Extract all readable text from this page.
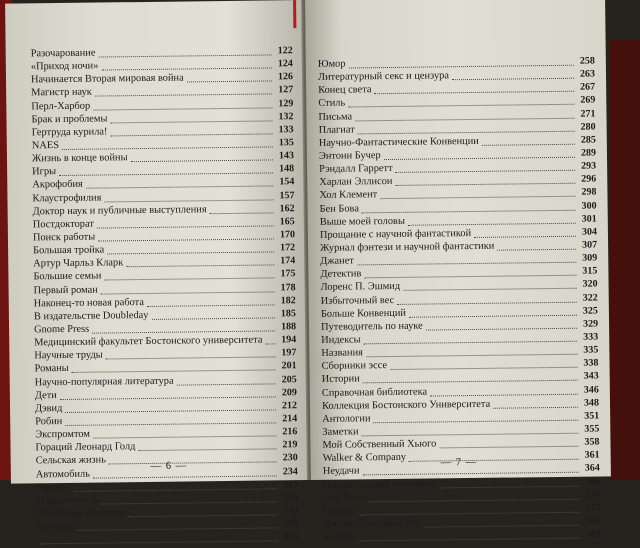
Разочарование	122
«Приход ночи»	124
Начинается Вторая мировая война	126
Магистр наук	127
Перл-Харбор	129
Брак и проблемы	132
Гертруда курила!	133
NAES	135
Жизнь в конце войны	143
Игры	148
Акрофобия	154
Клаустрофилия	157
Доктор наук и публичные выступления	162
Постдокторат	165
Поиск работы	170
Большая тройка	172
Артур Чарльз Кларк	174
Большие семьи	175
Первый роман	178
Наконец-то новая работа	182
В издательстве Doubleday	185
Gnome Press	188
Медицинский факультет Бостонского университета	194
Научные труды	197
Романы	201
Научно-популярная литература	205
Дети	209
Дэвид	212
Робин	214
Экспромтом	216
Гораций Леонард Голд	219
Сельская жизнь	230
Автомобиль	234
Уволен!	237
Плодовитость	238
Проблемы писателя	243
Критики	250
255
— 6 —
Юмор	258
Литературный секс и цензура	263
Конец света	267
Стиль	269
Письма	271
Плагиат	280
Научно-Фантастические Конвенции	285
Энтони Бучер	289
Рэндалл Гарретт	293
Харлан Эллисон	296
Хол Клемент	298
Бен Бова	300
Выше моей головы	301
Прощание с научной фантастикой	304
Журнал фэнтези и научной фантастики	307
Джанет	309
Детектив	315
Лоренс П. Эшмид	320
Избыточный вес	322
Больше Конвенций	325
Путеводитель по науке	329
Индексы	333
Названия	335
Сборники эссе	338
Истории	343
Справочная библиотека	346
Коллекция Бостонского Университета	348
Антологии	351
Заметки	355
Мой Собственный Хьюго	358
Walker & Company	361
Неудачи	364
Подрастающее поколение	366
Аль Кэпп	370
Оазисы	377
Джуди-Линн дель Рей	383
Библия	389
— 7 —
